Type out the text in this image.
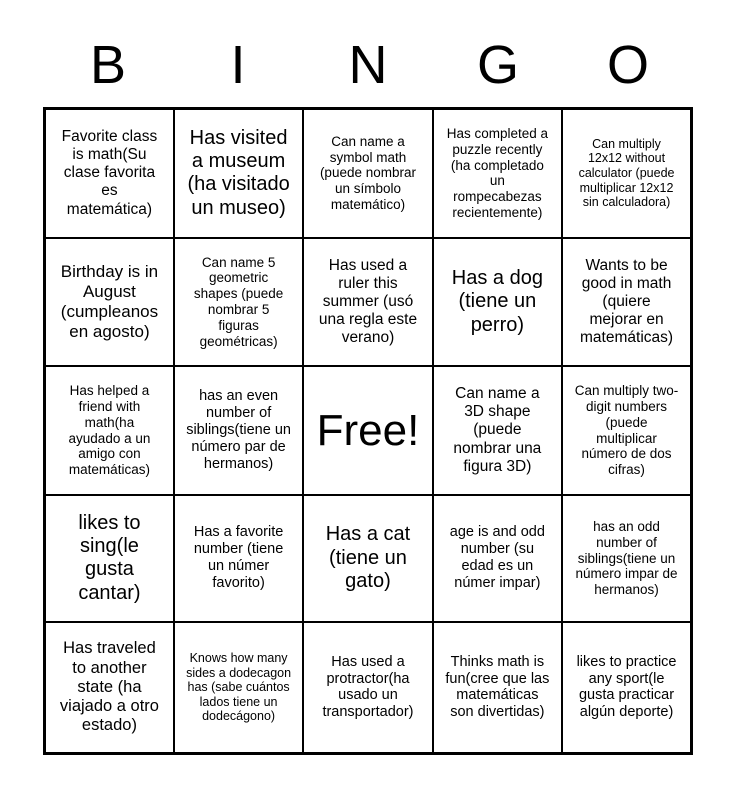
B	I	N	G	O
Favorite class is math(Su clase favorita es matemática)	Has visited a museum (ha visitado un museo)	Can name a symbol math (puede nombrar un símbolo matemático)	Has completed a puzzle recently (ha completado un rompecabezas recientemente)	Can multiply 12x12 without calculator (puede multiplicar 12x12 sin calculadora)
Birthday is in August (cumpleanos en agosto)	Can name 5 geometric shapes (puede nombrar 5 figuras geométricas)	Has used a ruler this summer (usó una regla este verano)	Has a dog (tiene un perro)	Wants to be good in math (quiere mejorar en matemáticas)
Has helped a friend with math(ha ayudado a un amigo con matemáticas)	has an even number of siblings(tiene un número par de hermanos)	Free!	Can name a 3D shape (puede nombrar una figura 3D)	Can multiply two-digit numbers (puede multiplicar número de dos cifras)
likes to sing(le gusta cantar)	Has a favorite number (tiene un númer favorito)	Has a cat (tiene un gato)	age is and odd number (su edad es un númer impar)	has an odd number of siblings(tiene un número impar de hermanos)
Has traveled to another state (ha viajado a otro estado)	Knows how many sides a dodecagon has (sabe cuántos lados tiene un dodecágono)	Has used a protractor(ha usado un transportador)	Thinks math is fun(cree que las matemáticas son divertidas)	likes to practice any sport(le gusta practicar algún deporte)
